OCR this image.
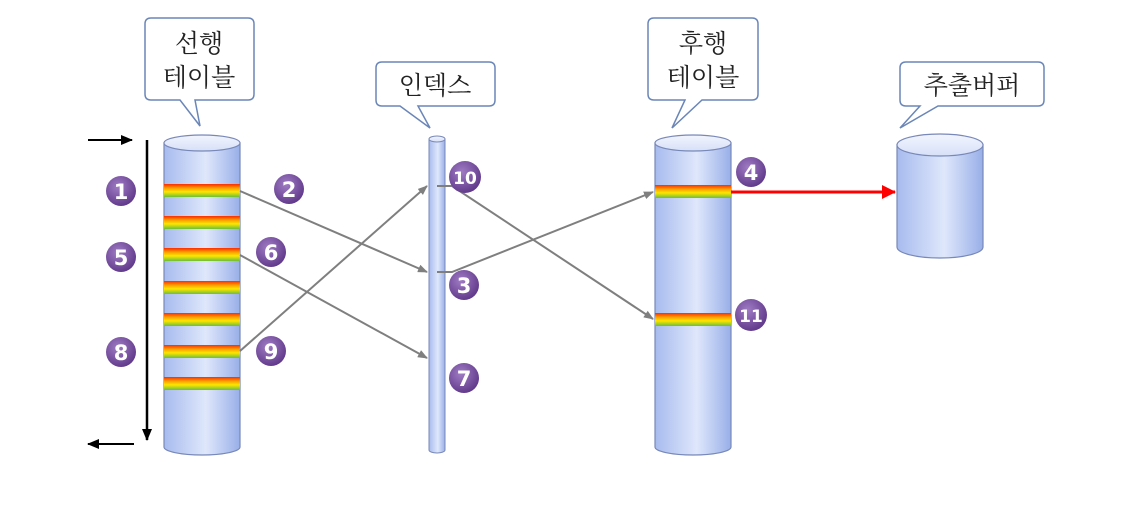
선행
테이블	인덱스
후행
테이블	추출버퍼
1	2
3
4
5	6
7
8	9
10
11
